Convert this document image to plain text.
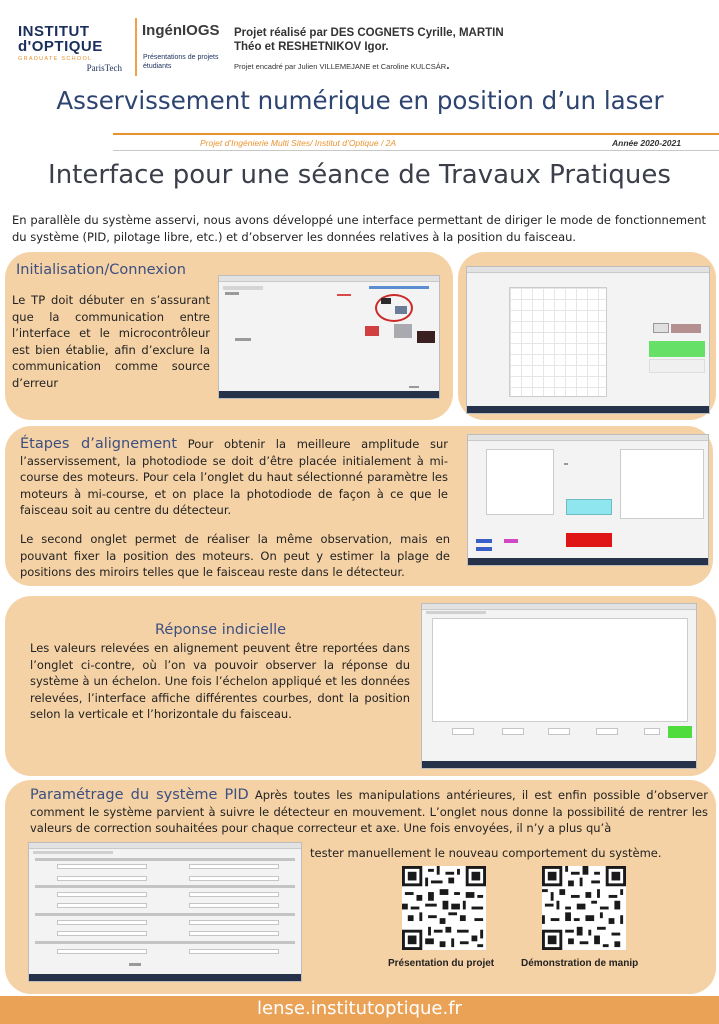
INSTITUT
d'OPTIQUE
GRADUATE SCHOOL
ParisTech
IngénIOGS
Présentations de projets étudiants
Projet réalisé par DES COGNETS Cyrille, MARTIN Théo et RESHETNIKOV Igor.
Projet encadré par Julien VILLEMEJANE et Caroline KULCSÁR.
Asservissement numérique en position d’un laser
Projet d’Ingénierie Multi Sites/ Institut d’Optique / 2A	Année 2020-2021
Interface pour une séance de Travaux Pratiques
En parallèle du système asservi, nous avons développé une interface permettant de diriger le mode de fonctionnement du système (PID, pilotage libre, etc.) et d’observer les données relatives à la position du faisceau.
Initialisation/Connexion
Le TP doit débuter en s’assurant que la communication entre l’interface et le microcontrôleur est bien établie, afin d’exclure la communication comme source d’erreur
Étapes d’alignement Pour obtenir la meilleure amplitude sur l’asservissement, la photodiode se doit d’être placée initialement à mi-course des moteurs. Pour cela l’onglet du haut sélectionné paramètre les moteurs à mi-course, et on place la photodiode de façon à ce que le faisceau soit au centre du détecteur.
Le second onglet permet de réaliser la même observation, mais en pouvant fixer la position des moteurs. On peut y estimer la plage de positions des miroirs telles que le faisceau reste dans le détecteur.
Réponse indicielle
Les valeurs relevées en alignement peuvent être reportées dans l’onglet ci-contre, où l’on va pouvoir observer la réponse du système à un échelon. Une fois l’échelon appliqué et les données relevées, l’interface affiche différentes courbes, dont la position selon la verticale et l’horizontale du faisceau.
Paramétrage du système PID Après toutes les manipulations antérieures, il est enfin possible d’observer comment le système parvient à suivre le détecteur en mouvement. L’onglet nous donne la possibilité de rentrer les valeurs de correction souhaitées pour chaque correcteur et axe. Une fois envoyées, il n’y a plus qu’à
tester manuellement le nouveau comportement du système.
Présentation du projet	Démonstration de manip
lense.institutoptique.fr
